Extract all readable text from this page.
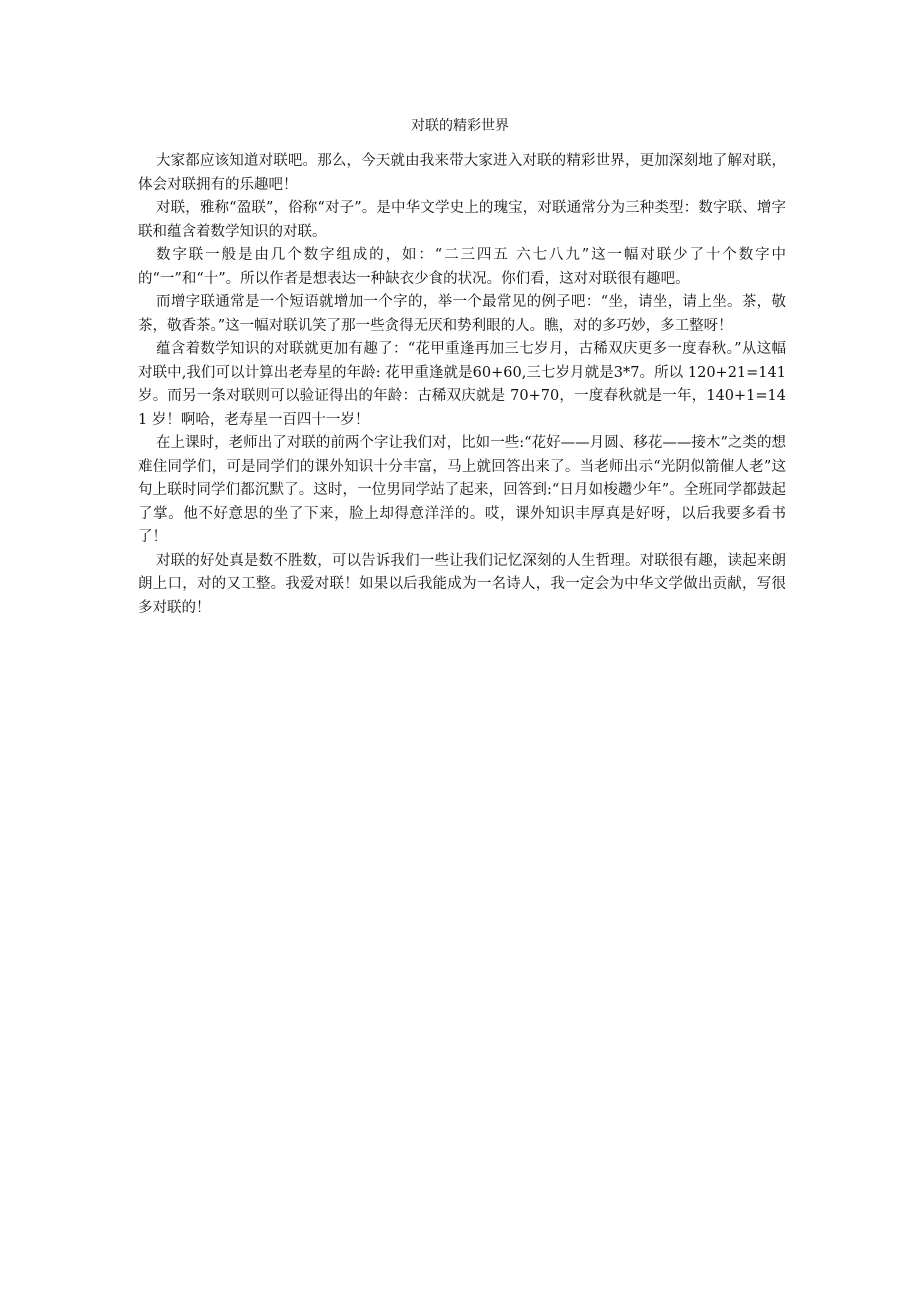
对联的精彩世界

大家都应该知道对联吧。那么，今天就由我来带大家进入对联的精彩世界，更加深刻地了解对联，体会对联拥有的乐趣吧！

对联，雅称“盈联”，俗称“对子”。是中华文学史上的瑰宝，对联通常分为三种类型：数字联、增字联和蕴含着数学知识的对联。

数字联一般是由几个数字组成的，如：“二三四五 六七八九”这一幅对联少了十个数字中的“一”和“十”。所以作者是想表达一种缺衣少食的状况。你们看，这对对联很有趣吧。

而增字联通常是一个短语就增加一个字的，举一个最常见的例子吧：“坐，请坐，请上坐。茶，敬茶，敬香茶。”这一幅对联讥笑了那一些贪得无厌和势利眼的人。瞧，对的多巧妙，多工整呀！

蕴含着数学知识的对联就更加有趣了：“花甲重逢再加三七岁月，古稀双庆更多一度春秋。”从这幅对联中,我们可以计算出老寿星的年龄: 花甲重逢就是60+60,三七岁月就是3*7。所以 120+21=141 岁。而另一条对联则可以验证得出的年龄：古稀双庆就是 70+70，一度春秋就是一年，140+1=141 岁！啊哈，老寿星一百四十一岁！

在上课时，老师出了对联的前两个字让我们对，比如一些:“花好——月圆、移花——接木”之类的想难住同学们，可是同学们的课外知识十分丰富，马上就回答出来了。当老师出示“光阴似箭催人老”这句上联时同学们都沉默了。这时，一位男同学站了起来，回答到:“日月如梭趱少年”。全班同学都鼓起了掌。他不好意思的坐了下来，脸上却得意洋洋的。哎，课外知识丰厚真是好呀，以后我要多看书了！

对联的好处真是数不胜数，可以告诉我们一些让我们记忆深刻的人生哲理。对联很有趣，读起来朗朗上口，对的又工整。我爱对联！如果以后我能成为一名诗人，我一定会为中华文学做出贡献，写很多对联的！
